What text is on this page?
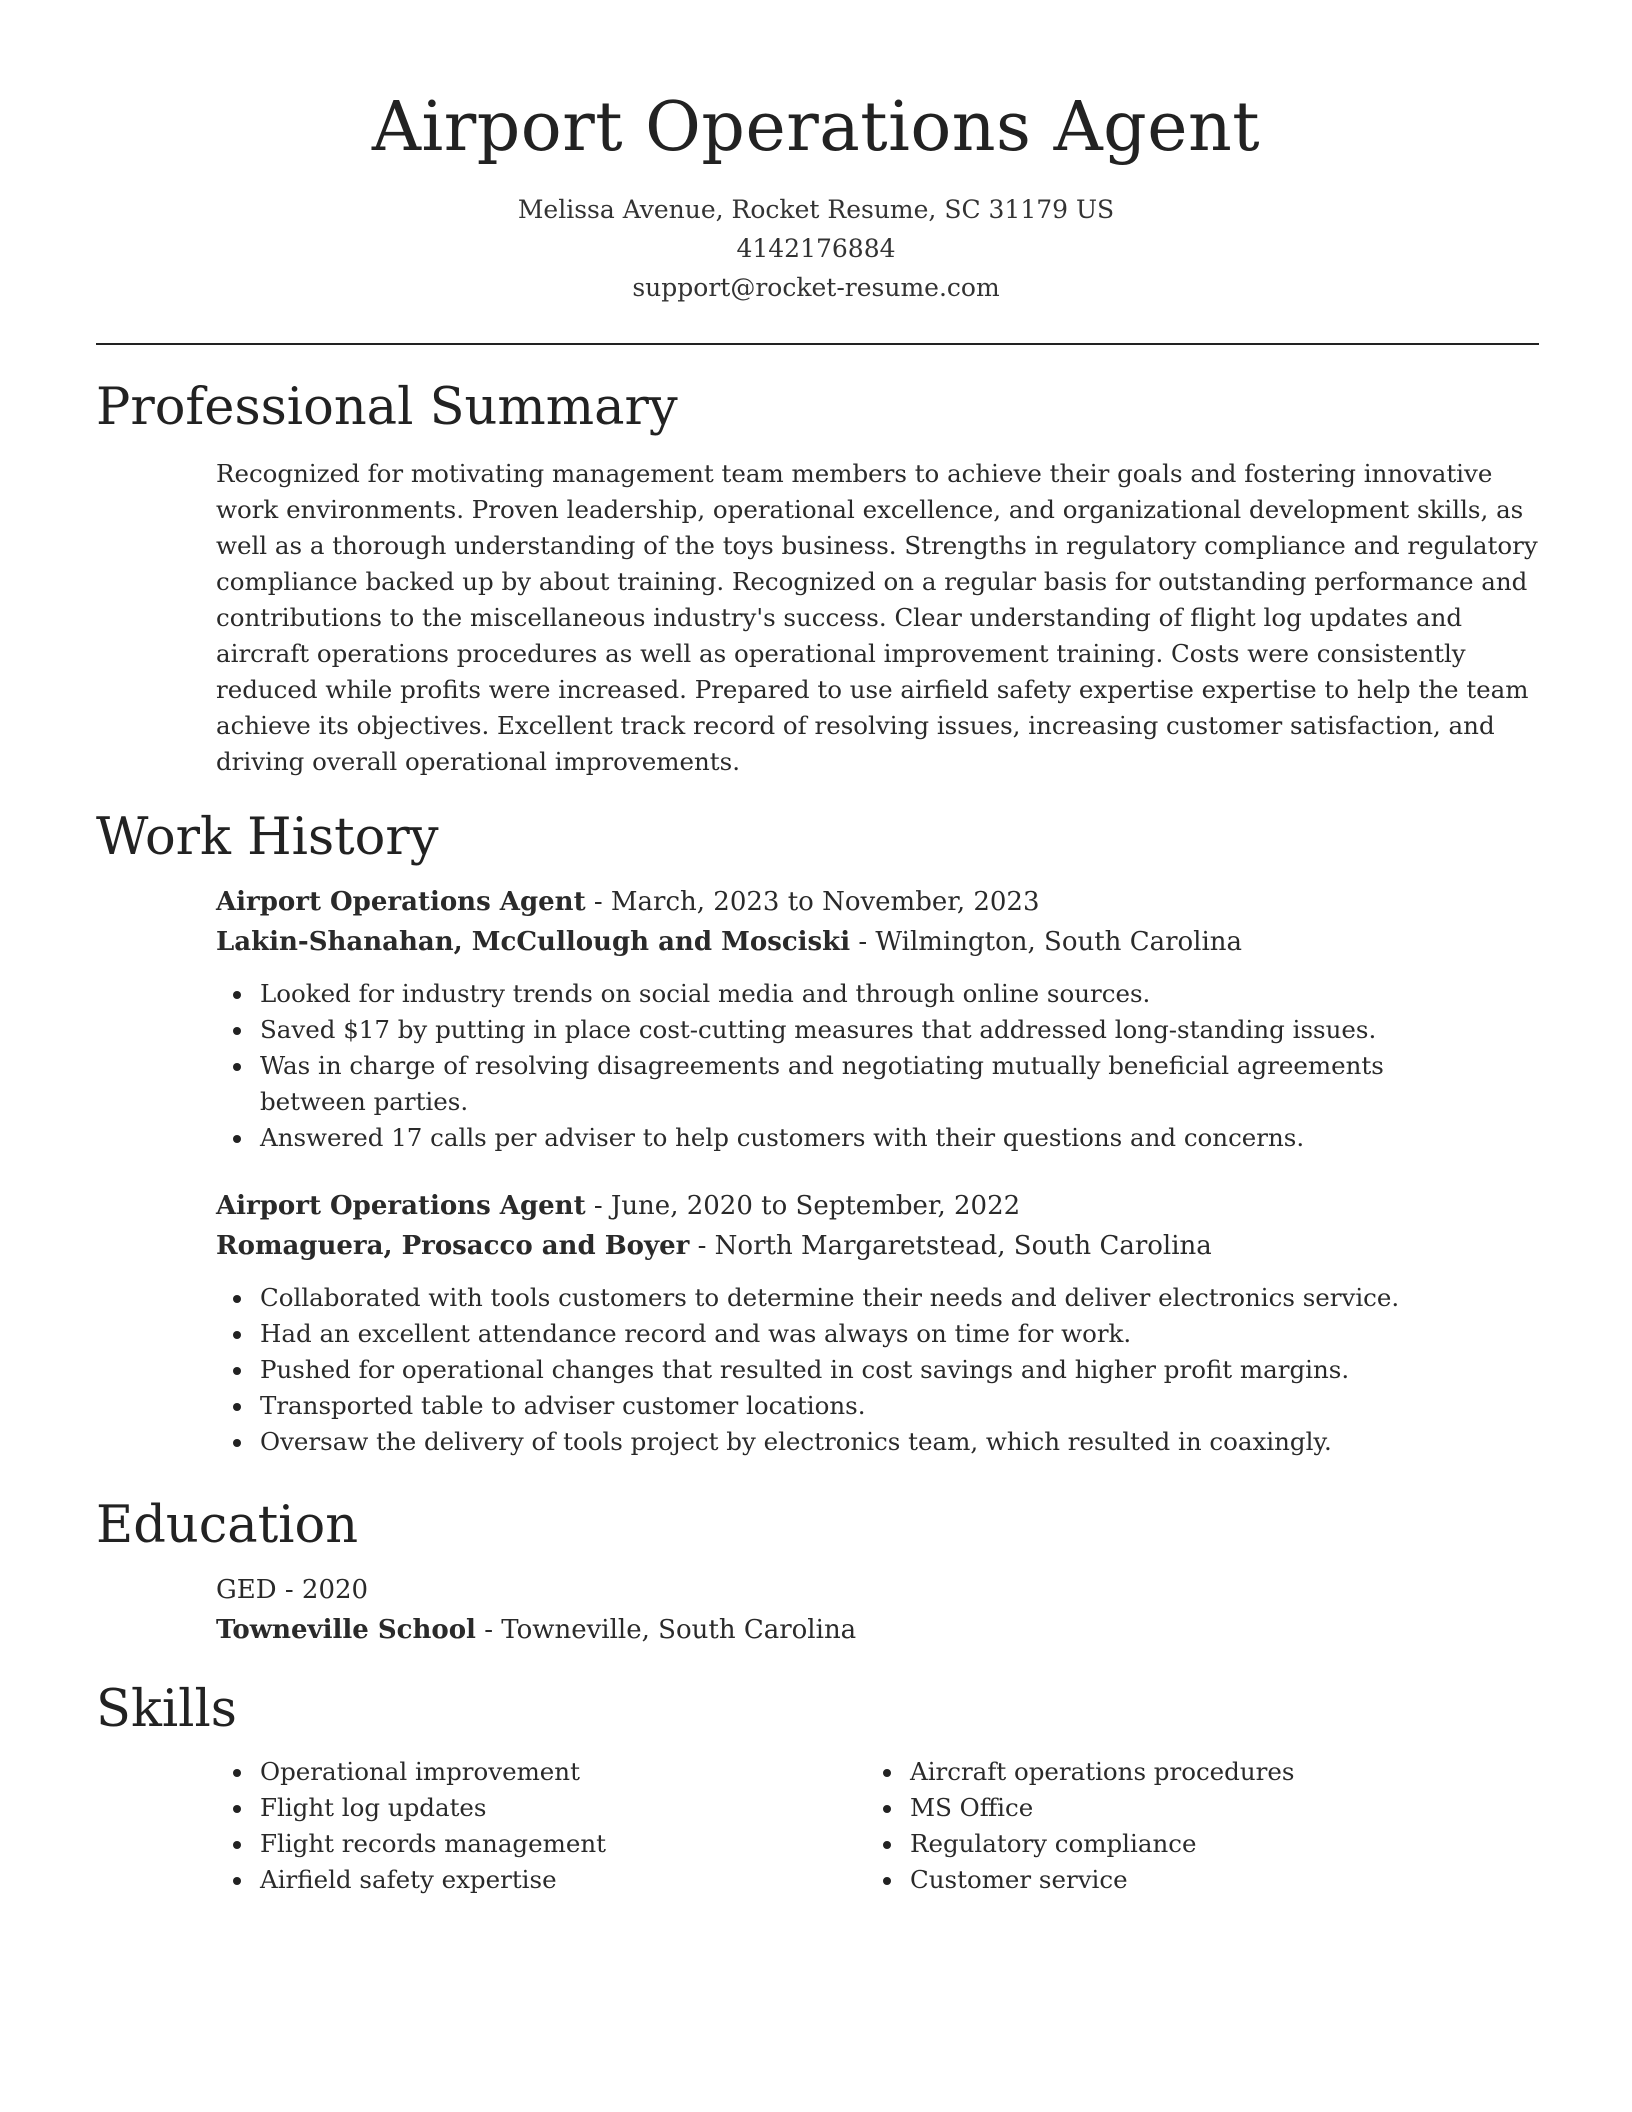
Airport Operations Agent
Melissa Avenue, Rocket Resume, SC 31179 US
4142176884
support@rocket-resume.com
Professional Summary
Recognized for motivating management team members to achieve their goals and fostering innovative work environments. Proven leadership, operational excellence, and organizational development skills, as well as a thorough understanding of the toys business. Strengths in regulatory compliance and regulatory compliance backed up by about training. Recognized on a regular basis for outstanding performance and contributions to the miscellaneous industry's success. Clear understanding of flight log updates and aircraft operations procedures as well as operational improvement training. Costs were consistently reduced while profits were increased. Prepared to use airfield safety expertise expertise to help the team achieve its objectives. Excellent track record of resolving issues, increasing customer satisfaction, and driving overall operational improvements.
Work History
Airport Operations Agent - March, 2023 to November, 2023
Lakin-Shanahan, McCullough and Mosciski - Wilmington, South Carolina
Looked for industry trends on social media and through online sources.
Saved $17 by putting in place cost-cutting measures that addressed long-standing issues.
Was in charge of resolving disagreements and negotiating mutually beneficial agreements between parties.
Answered 17 calls per adviser to help customers with their questions and concerns.
Airport Operations Agent - June, 2020 to September, 2022
Romaguera, Prosacco and Boyer - North Margaretstead, South Carolina
Collaborated with tools customers to determine their needs and deliver electronics service.
Had an excellent attendance record and was always on time for work.
Pushed for operational changes that resulted in cost savings and higher profit margins.
Transported table to adviser customer locations.
Oversaw the delivery of tools project by electronics team, which resulted in coaxingly.
Education
GED - 2020
Towneville School - Towneville, South Carolina
Skills
Operational improvement
Flight log updates
Flight records management
Airfield safety expertise
Aircraft operations procedures
MS Office
Regulatory compliance
Customer service
